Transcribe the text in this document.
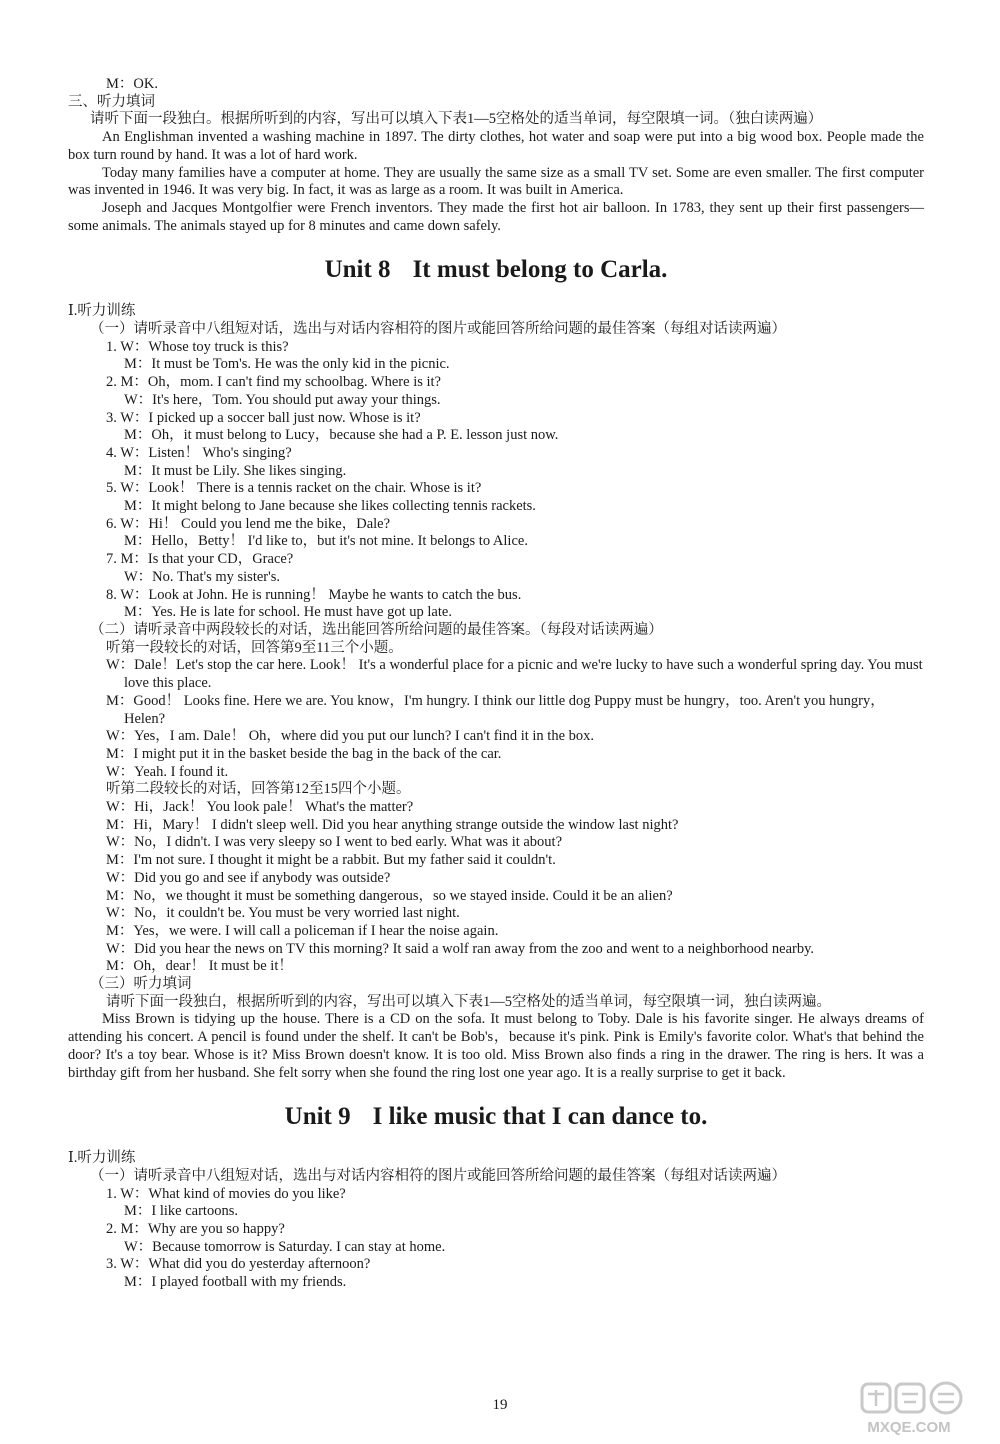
M：OK.
三、听力填词
请听下面一段独白。根据所听到的内容，写出可以填入下表1—5空格处的适当单词，每空限填一词。（独白读两遍）
An Englishman invented a washing machine in 1897. The dirty clothes, hot water and soap were put into a big wood box. People made the box turn round by hand. It was a lot of hard work.
Today many families have a computer at home. They are usually the same size as a small TV set. Some are even smaller. The first computer was invented in 1946. It was very big. In fact, it was as large as a room. It was built in America.
Joseph and Jacques Montgolfier were French inventors. They made the first hot air balloon. In 1783, they sent up their first passengers—some animals. The animals stayed up for 8 minutes and came down safely.
Unit 8 It must belong to Carla.
Ⅰ.听力训练
（一）请听录音中八组短对话，选出与对话内容相符的图片或能回答所给问题的最佳答案（每组对话读两遍）
1. W：Whose toy truck is this?
M：It must be Tom's. He was the only kid in the picnic.
2. M：Oh，mom. I can't find my schoolbag. Where is it?
W：It's here，Tom. You should put away your things.
3. W：I picked up a soccer ball just now. Whose is it?
M：Oh，it must belong to Lucy，because she had a P. E. lesson just now.
4. W：Listen！ Who's singing?
M：It must be Lily. She likes singing.
5. W：Look！ There is a tennis racket on the chair. Whose is it?
M：It might belong to Jane because she likes collecting tennis rackets.
6. W：Hi！ Could you lend me the bike，Dale?
M：Hello，Betty！ I'd like to，but it's not mine. It belongs to Alice.
7. M：Is that your CD，Grace?
W：No. That's my sister's.
8. W：Look at John. He is running！ Maybe he wants to catch the bus.
M：Yes. He is late for school. He must have got up late.
（二）请听录音中两段较长的对话，选出能回答所给问题的最佳答案。（每段对话读两遍）
听第一段较长的对话，回答第9至11三个小题。
W：Dale！Let's stop the car here. Look！ It's a wonderful place for a picnic and we're lucky to have such a wonderful spring day. You must love this place.
M：Good！ Looks fine. Here we are. You know，I'm hungry. I think our little dog Puppy must be hungry，too. Aren't you hungry，Helen?
W：Yes，I am. Dale！ Oh，where did you put our lunch? I can't find it in the box.
M：I might put it in the basket beside the bag in the back of the car.
W：Yeah. I found it.
听第二段较长的对话，回答第12至15四个小题。
W：Hi，Jack！ You look pale！ What's the matter?
M：Hi，Mary！ I didn't sleep well. Did you hear anything strange outside the window last night?
W：No，I didn't. I was very sleepy so I went to bed early. What was it about?
M：I'm not sure. I thought it might be a rabbit. But my father said it couldn't.
W：Did you go and see if anybody was outside?
M：No，we thought it must be something dangerous，so we stayed inside. Could it be an alien?
W：No，it couldn't be. You must be very worried last night.
M：Yes，we were. I will call a policeman if I hear the noise again.
W：Did you hear the news on TV this morning? It said a wolf ran away from the zoo and went to a neighborhood nearby.
M：Oh，dear！ It must be it！
（三）听力填词
请听下面一段独白，根据所听到的内容，写出可以填入下表1—5空格处的适当单词，每空限填一词，独白读两遍。
Miss Brown is tidying up the house. There is a CD on the sofa. It must belong to Toby. Dale is his favorite singer. He always dreams of attending his concert. A pencil is found under the shelf. It can't be Bob's，because it's pink. Pink is Emily's favorite color. What's that behind the door? It's a toy bear. Whose is it? Miss Brown doesn't know. It is too old. Miss Brown also finds a ring in the drawer. The ring is hers. It was a birthday gift from her husband. She felt sorry when she found the ring lost one year ago. It is a really surprise to get it back.
Unit 9 I like music that I can dance to.
Ⅰ.听力训练
（一）请听录音中八组短对话，选出与对话内容相符的图片或能回答所给问题的最佳答案（每组对话读两遍）
1. W：What kind of movies do you like?
M：I like cartoons.
2. M：Why are you so happy?
W：Because tomorrow is Saturday. I can stay at home.
3. W：What did you do yesterday afternoon?
M：I played football with my friends.
19
MXQE.COM
